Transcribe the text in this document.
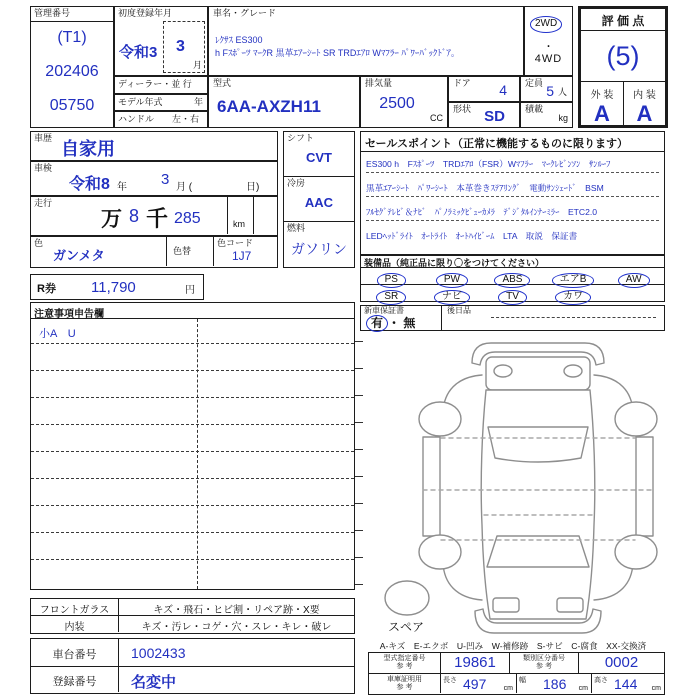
管理番号
(T1)
202406
05750
初度登録年月
令和3 3
月
ディーラー・並 行
モデル年式	年
ハンドル 左・右
車名・グレード
ﾚｸｻｽ ES300
h Fｽﾎﾟｰﾂ ﾏｰｸR 黒革ｴｱｰｼｰﾄ SR TRDｴｱﾛ Wﾏﾌﾗｰ ﾊﾟﾜｰﾊﾞｯｸﾄﾞｱ。
2WD
・
4WD
型式
6AA-AXZH11
排気量
2500
CC
ドア 4
形状 SD
定員 5 人
積載
kg
評 価 点
(5)
外 装	内 装
A	A
車歴
自家用
車検
令和8 年 3 月 (	日)
走行
万 8 千 285	km
色
ガンメタ	色替
色コード
1J7
シフト
CVT
冷房
AAC
燃料
ガソリン
セールスポイント（正常に機能するものに限ります）
ES300 h　Fｽﾎﾟｰﾂ　TRDｴｱﾛ（FSR）Wﾏﾌﾗｰ　ﾏｰｸﾚﾋﾞﾝｿﾝ　ｻﾝﾙｰﾌ
黒革ｴｱｰｼｰﾄ　ﾊﾟﾜｰｼｰﾄ　本革巻きｽﾃｱﾘﾝｸﾞ　電動ｻﾝｼｪｰﾄﾞ　BSM
ﾌﾙｾｸﾞﾃﾚﾋﾞ＆ﾅﾋﾞ　ﾊﾟﾉﾗﾐｯｸﾋﾞｭｰｶﾒﾗ　ﾃﾞｼﾞﾀﾙｲﾝﾅｰﾐﾗｰ　ETC2.0
LEDﾍｯﾄﾞﾗｲﾄ　ｵｰﾄﾗｲﾄ　ｵｰﾄﾊｲﾋﾞｰﾑ　LTA　取説　保証書
装備品（純正品に限り〇をつけてください）
PS	PW	ABS	エアB	AW
SR	ナビ	TV	カワ
新車保証書
有 ・ 無
後日品
R券 11,790	円
注意事項申告欄
小A　U
スペア
A-キズ　E-エクボ　U-凹み　W-補修跡　S-サビ　C-腐食　XX-交換済
型式指定番号
参 考	19861	類別区分番号
参 考	0002
車庫証明用
参 考
長さ 497 cm
幅 186 cm
高さ 144 cm
フロントガラス	キズ・飛石・ヒビ割・リペア跡・X要
内装	キズ・汚レ・コゲ・穴・スレ・キレ・破レ
車台番号	1002433
登録番号	名変中
